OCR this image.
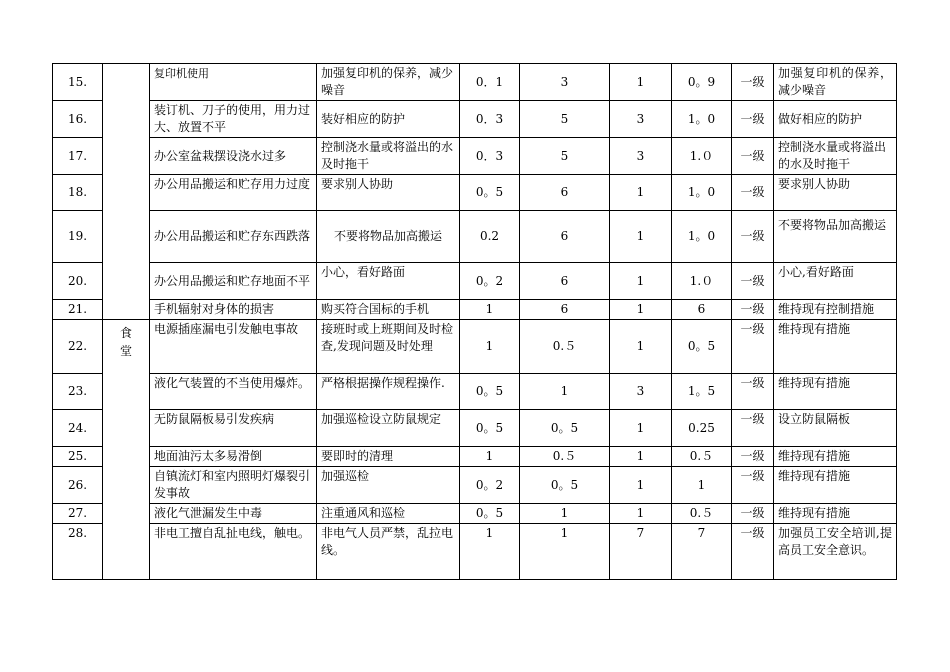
15.		复印机使用	加强复印机的保养，减少噪音	0．1	3	1	0。9	一级	加强复印机的保养，减少噪音
16.		装订机、刀子的使用，用力过大、放置不平	装好相应的防护	0．3	5	3	1。0	一级	做好相应的防护
17.		办公室盆栽摆设浇水过多	控制浇水量或将溢出的水及时拖干	0．3	5	3	1.０	一级	控制浇水量或将溢出的水及时拖干
18.		办公用品搬运和贮存用力过度	要求别人协助	0。5	6	1	1。0	一级	要求别人协助
19.		办公用品搬运和贮存东西跌落	不要将物品加高搬运	0.2	6	1	1。0	一级	不要将物品加高搬运
20.		办公用品搬运和贮存地面不平	小心，看好路面	0。2	6	1	1.０	一级	小心,看好路面
21.		手机辐射对身体的损害	购买符合国标的手机	1	6	1	6	一级	维持现有控制措施
22.	食堂	电源插座漏电引发触电事故	接班时或上班期间及时检查,发现问题及时处理	1	0.５	1	0。5	一级	维持现有措施
23.		液化气装置的不当使用爆炸。	严格根据操作规程操作.	0。5	1	3	1。5	一级	维持现有措施
24.		无防鼠隔板易引发疾病	加强巡检设立防鼠规定	0。5	0。5	1	0.25	一级	设立防鼠隔板
25.		地面油污太多易滑倒	要即时的清理	1	0.５	1	0.５	一级	维持现有措施
26.		自镇流灯和室内照明灯爆裂引发事故	加强巡检	0。2	0。5	1	1	一级	维持现有措施
27.		液化气泄漏发生中毒	注重通风和巡检	0。5	1	1	0.５	一级	维持现有措施
28.		非电工擅自乱扯电线，触电。	非电气人员严禁，乱拉电线。	1	1	7	7	一级	加强员工安全培训,提高员工安全意识。
